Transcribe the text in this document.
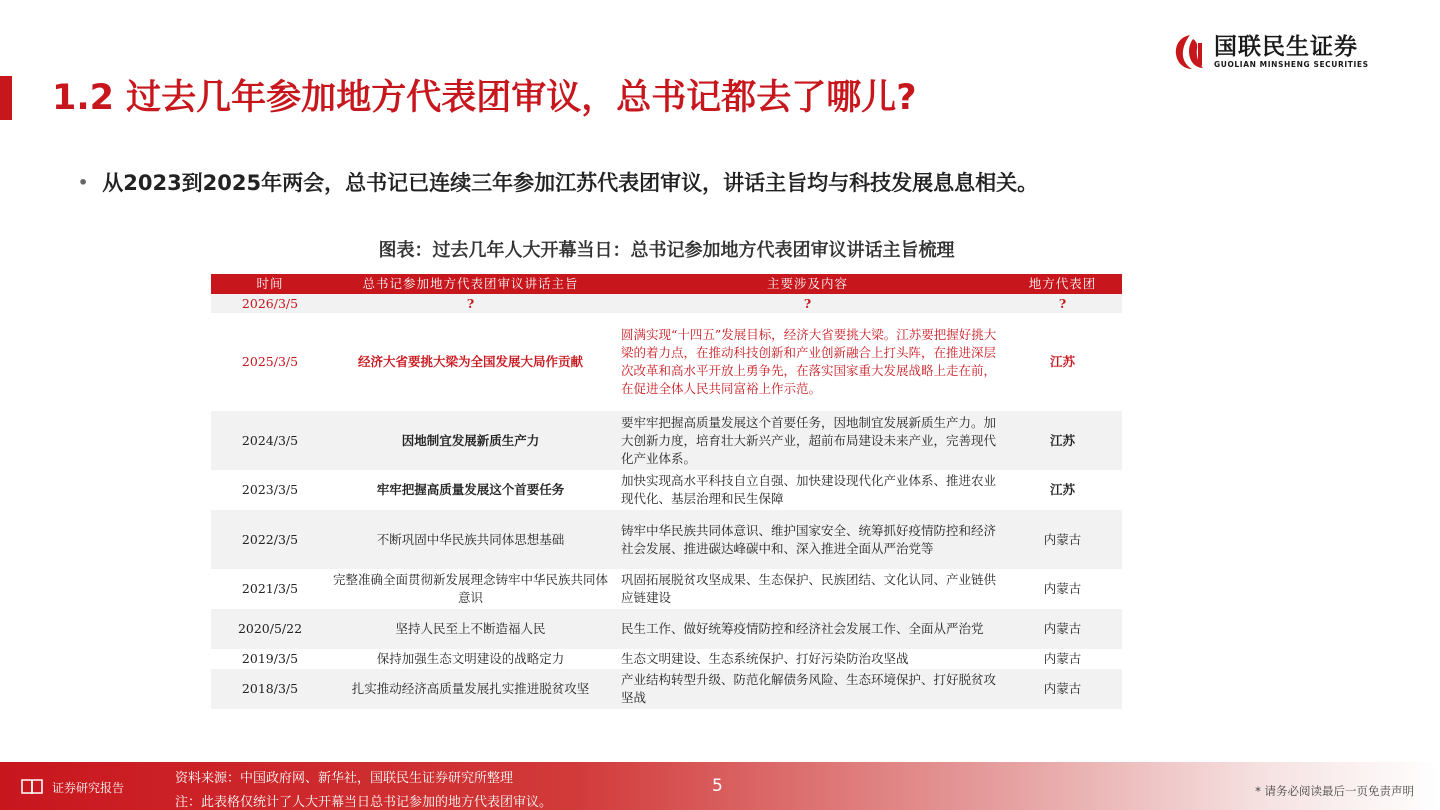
国联民生证券
GUOLIAN MINSHENG SECURITIES
1.2 过去几年参加地方代表团审议，总书记都去了哪儿?
• 从2023到2025年两会，总书记已连续三年参加江苏代表团审议，讲话主旨均与科技发展息息相关。
图表：过去几年人大开幕当日：总书记参加地方代表团审议讲话主旨梳理
时间	总书记参加地方代表团审议讲话主旨	主要涉及内容	地方代表团
2026/3/5	?	?	?
2025/3/5	经济大省要挑大梁为全国发展大局作贡献	圆满实现“十四五”发展目标，经济大省要挑大梁。江苏要把握好挑大梁的着力点，在推动科技创新和产业创新融合上打头阵，在推进深层次改革和高水平开放上勇争先，在落实国家重大发展战略上走在前，在促进全体人民共同富裕上作示范。	江苏
2024/3/5	因地制宜发展新质生产力	要牢牢把握高质量发展这个首要任务，因地制宜发展新质生产力。加大创新力度，培育壮大新兴产业，超前布局建设未来产业，完善现代化产业体系。	江苏
2023/3/5	牢牢把握高质量发展这个首要任务	加快实现高水平科技自立自强、加快建设现代化产业体系、推进农业现代化、基层治理和民生保障	江苏
2022/3/5	不断巩固中华民族共同体思想基础	铸牢中华民族共同体意识、维护国家安全、统筹抓好疫情防控和经济社会发展、推进碳达峰碳中和、深入推进全面从严治党等	内蒙古
2021/3/5	完整准确全面贯彻新发展理念铸牢中华民族共同体意识	巩固拓展脱贫攻坚成果、生态保护、民族团结、文化认同、产业链供应链建设	内蒙古
2020/5/22	坚持人民至上不断造福人民	民生工作、做好统筹疫情防控和经济社会发展工作、全面从严治党	内蒙古
2019/3/5	保持加强生态文明建设的战略定力	生态文明建设、生态系统保护、打好污染防治攻坚战	内蒙古
2018/3/5	扎实推动经济高质量发展扎实推进脱贫攻坚	产业结构转型升级、防范化解债务风险、生态环境保护、打好脱贫攻坚战	内蒙古
证券研究报告
资料来源：中国政府网、新华社，国联民生证券研究所整理
注：此表格仅统计了人大开幕当日总书记参加的地方代表团审议。
5	* 请务必阅读最后一页免责声明
